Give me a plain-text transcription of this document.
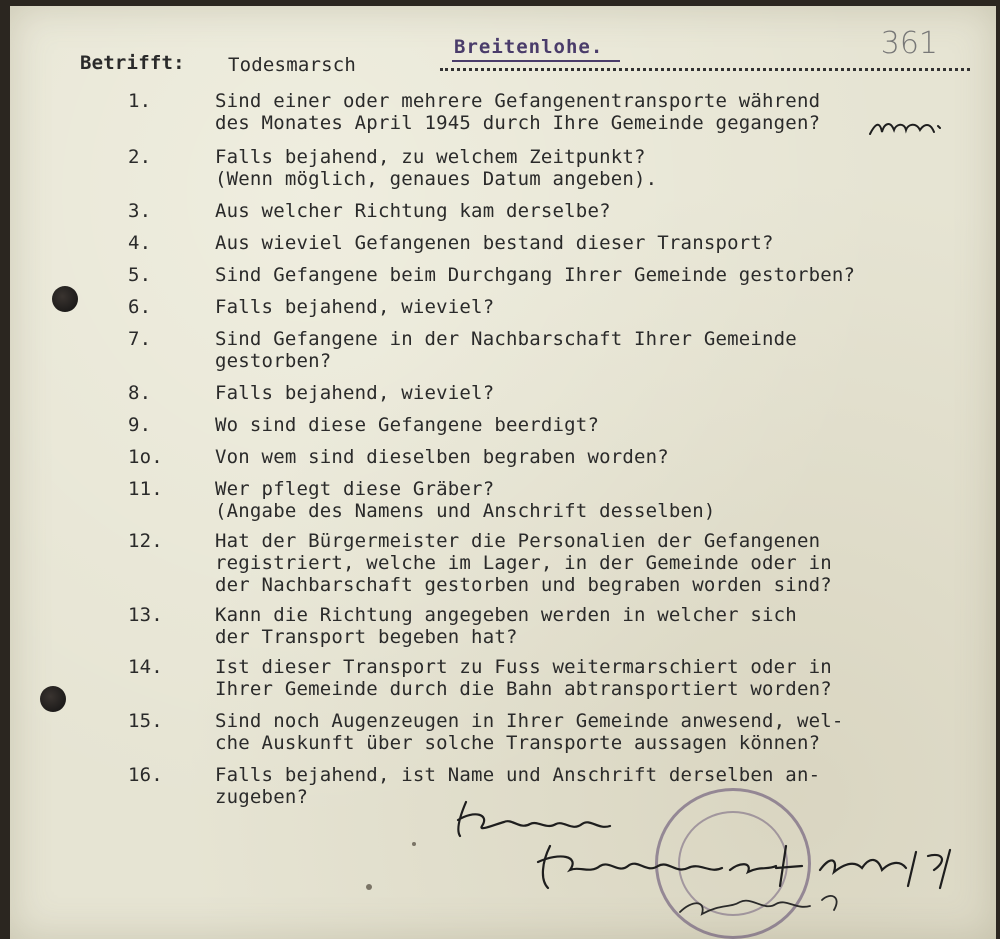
Betrifft: Todesmarsch
Breitenlohe.	361
1.	Sind einer oder mehrere Gefangenentransporte während
des Monates April 1945 durch Ihre Gemeinde gegangen?
2.	Falls bejahend, zu welchem Zeitpunkt?
(Wenn möglich, genaues Datum angeben).
3.	Aus welcher Richtung kam derselbe?
4.	Aus wieviel Gefangenen bestand dieser Transport?
5.	Sind Gefangene beim Durchgang Ihrer Gemeinde gestorben?
6.	Falls bejahend, wieviel?
7.	Sind Gefangene in der Nachbarschaft Ihrer Gemeinde
gestorben?
8.	Falls bejahend, wieviel?
9.	Wo sind diese Gefangene beerdigt?
1o.	Von wem sind dieselben begraben worden?
11.	Wer pflegt diese Gräber?
(Angabe des Namens und Anschrift desselben)
12.	Hat der Bürgermeister die Personalien der Gefangenen
registriert, welche im Lager, in der Gemeinde oder in
der Nachbarschaft gestorben und begraben worden sind?
13.	Kann die Richtung angegeben werden in welcher sich
der Transport begeben hat?
14.	Ist dieser Transport zu Fuss weitermarschiert oder in
Ihrer Gemeinde durch die Bahn abtransportiert worden?
15.	Sind noch Augenzeugen in Ihrer Gemeinde anwesend, wel-
che Auskunft über solche Transporte aussagen können?
16.	Falls bejahend, ist Name und Anschrift derselben an-
zugeben?
